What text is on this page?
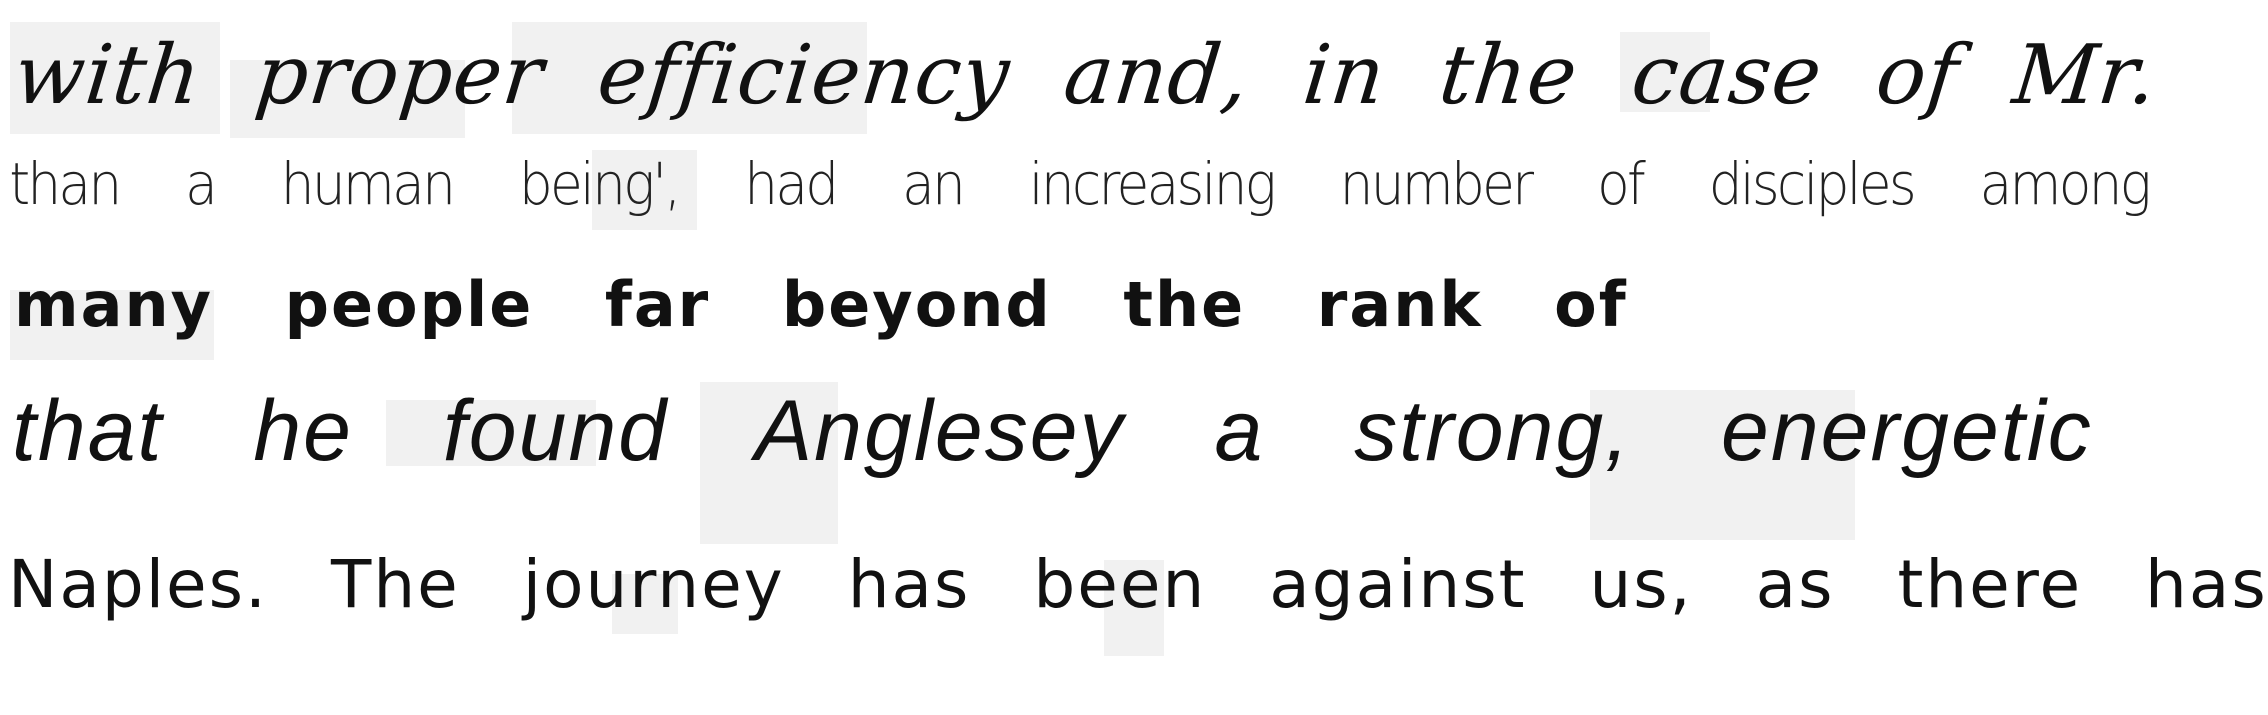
with proper efficiency and, in the case of Mr.
than a human being', had an increasing number of disciples among
many people far beyond the rank of
that he found Anglesey a strong, energetic
Naples. The journey has been against us, as there has
